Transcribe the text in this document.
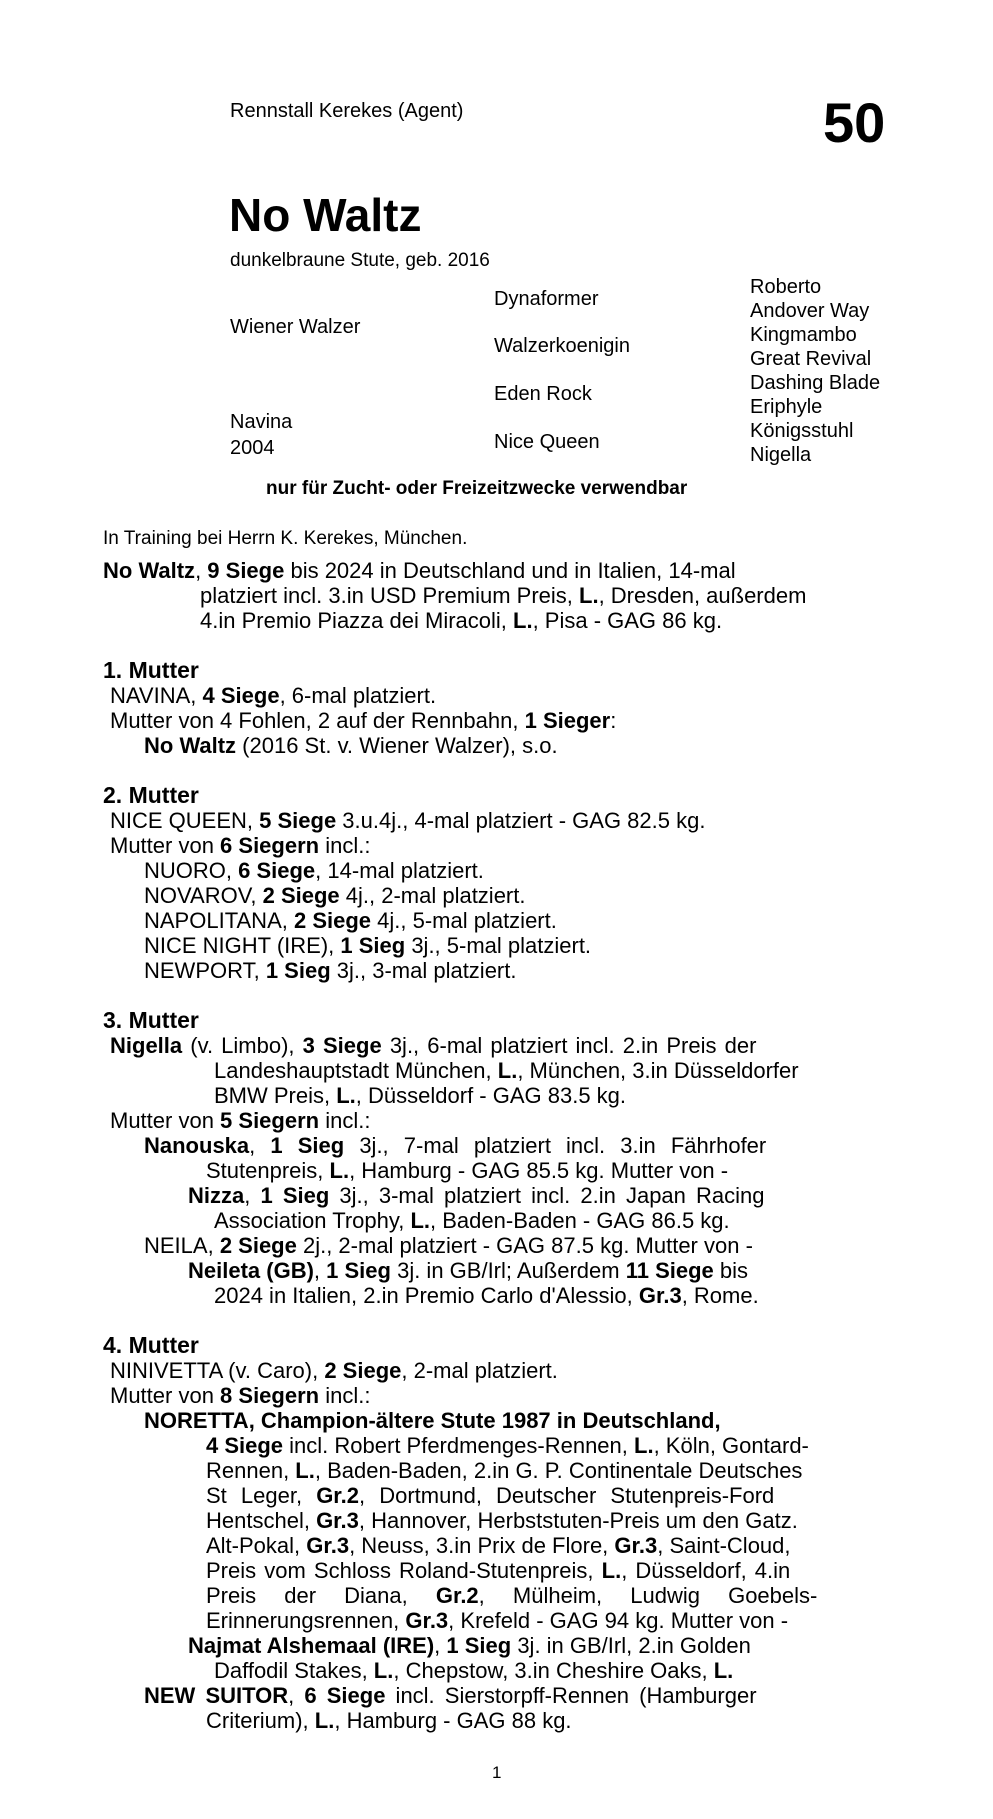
Rennstall Kerekes (Agent)	50
No Waltz
dunkelbraune Stute, geb. 2016
Wiener Walzer
Navina
2004
Dynaformer
Walzerkoenigin
Eden Rock
Nice Queen
Roberto
Andover Way
Kingmambo
Great Revival
Dashing Blade
Eriphyle
Königsstuhl
Nigella
nur für Zucht- oder Freizeitzwecke verwendbar
In Training bei Herrn K. Kerekes, München.
No Waltz, 9 Siege bis 2024 in Deutschland und in Italien, 14-mal
platziert incl. 3.in USD Premium Preis, L., Dresden, außerdem
4.in Premio Piazza dei Miracoli, L., Pisa - GAG 86 kg.
1. Mutter
NAVINA, 4 Siege, 6-mal platziert.
Mutter von 4 Fohlen, 2 auf der Rennbahn, 1 Sieger:
No Waltz (2016 St. v. Wiener Walzer), s.o.
2. Mutter
NICE QUEEN, 5 Siege 3.u.4j., 4-mal platziert - GAG 82.5 kg.
Mutter von 6 Siegern incl.:
NUORO, 6 Siege, 14-mal platziert.
NOVAROV, 2 Siege 4j., 2-mal platziert.
NAPOLITANA, 2 Siege 4j., 5-mal platziert.
NICE NIGHT (IRE), 1 Sieg 3j., 5-mal platziert.
NEWPORT, 1 Sieg 3j., 3-mal platziert.
3. Mutter
Nigella (v. Limbo), 3 Siege 3j., 6-mal platziert incl. 2.in Preis der
Landeshauptstadt München, L., München, 3.in Düsseldorfer
BMW Preis, L., Düsseldorf - GAG 83.5 kg.
Mutter von 5 Siegern incl.:
Nanouska, 1 Sieg 3j., 7-mal platziert incl. 3.in Fährhofer
Stutenpreis, L., Hamburg - GAG 85.5 kg. Mutter von -
Nizza, 1 Sieg 3j., 3-mal platziert incl. 2.in Japan Racing
Association Trophy, L., Baden-Baden - GAG 86.5 kg.
NEILA, 2 Siege 2j., 2-mal platziert - GAG 87.5 kg. Mutter von -
Neileta (GB), 1 Sieg 3j. in GB/Irl; Außerdem 11 Siege bis
2024 in Italien, 2.in Premio Carlo d'Alessio, Gr.3, Rome.
4. Mutter
NINIVETTA (v. Caro), 2 Siege, 2-mal platziert.
Mutter von 8 Siegern incl.:
NORETTA, Champion-ältere Stute 1987 in Deutschland,
4 Siege incl. Robert Pferdmenges-Rennen, L., Köln, Gontard-
Rennen, L., Baden-Baden, 2.in G. P. Continentale Deutsches
St Leger, Gr.2, Dortmund, Deutscher Stutenpreis-Ford
Hentschel, Gr.3, Hannover, Herbststuten-Preis um den Gatz.
Alt-Pokal, Gr.3, Neuss, 3.in Prix de Flore, Gr.3, Saint-Cloud,
Preis vom Schloss Roland-Stutenpreis, L., Düsseldorf, 4.in
Preis der Diana, Gr.2, Mülheim, Ludwig Goebels-
Erinnerungsrennen, Gr.3, Krefeld - GAG 94 kg. Mutter von -
Najmat Alshemaal (IRE), 1 Sieg 3j. in GB/Irl, 2.in Golden
Daffodil Stakes, L., Chepstow, 3.in Cheshire Oaks, L.
NEW SUITOR, 6 Siege incl. Sierstorpff-Rennen (Hamburger
Criterium), L., Hamburg - GAG 88 kg.
1
